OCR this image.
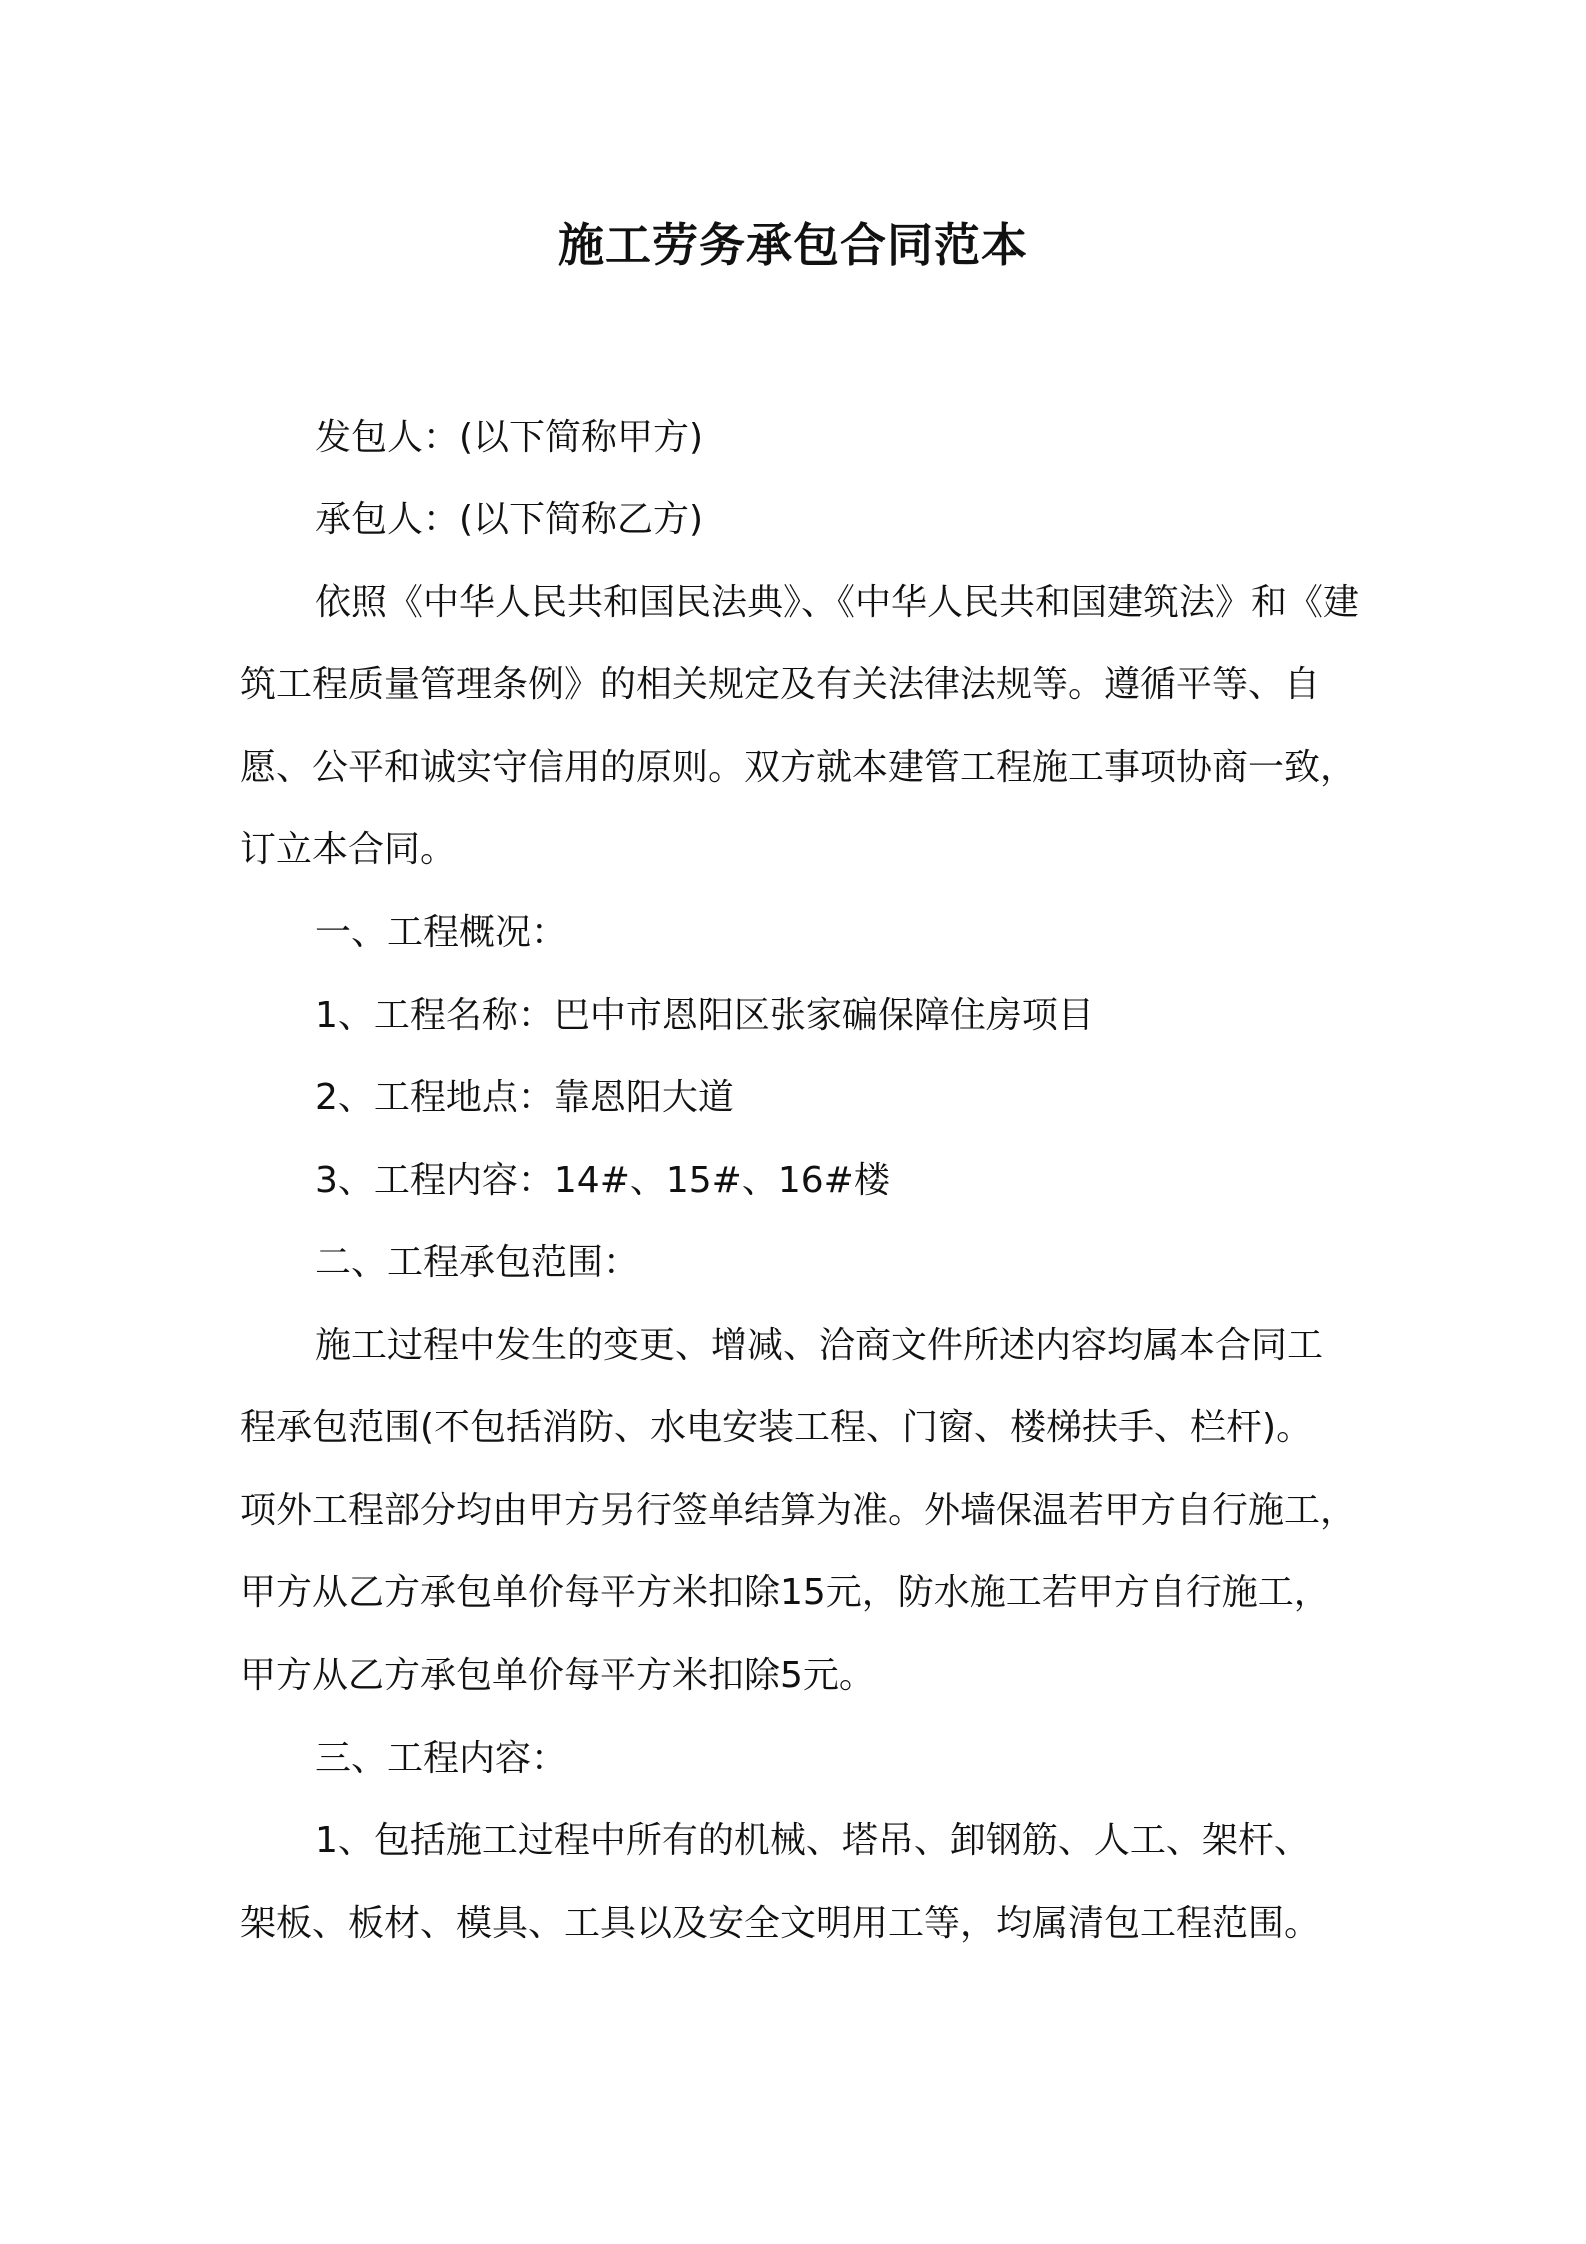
施工劳务承包合同范本
发包人：(以下简称甲方)
承包人：(以下简称乙方)
依照《中华人民共和国民法典》、《中华人民共和国建筑法》和《建
筑工程质量管理条例》的相关规定及有关法律法规等。遵循平等、自
愿、公平和诚实守信用的原则。双方就本建管工程施工事项协商一致，
订立本合同。
一、工程概况：
1、工程名称：巴中市恩阳区张家碥保障住房项目
2、工程地点：靠恩阳大道
3、工程内容：14#、15#、16#楼
二、工程承包范围：
施工过程中发生的变更、增减、洽商文件所述内容均属本合同工
程承包范围(不包括消防、水电安装工程、门窗、楼梯扶手、栏杆)。
项外工程部分均由甲方另行签单结算为准。外墙保温若甲方自行施工，
甲方从乙方承包单价每平方米扣除15元，防水施工若甲方自行施工，
甲方从乙方承包单价每平方米扣除5元。
三、工程内容：
1、包括施工过程中所有的机械、塔吊、卸钢筋、人工、架杆、
架板、板材、模具、工具以及安全文明用工等，均属清包工程范围。
